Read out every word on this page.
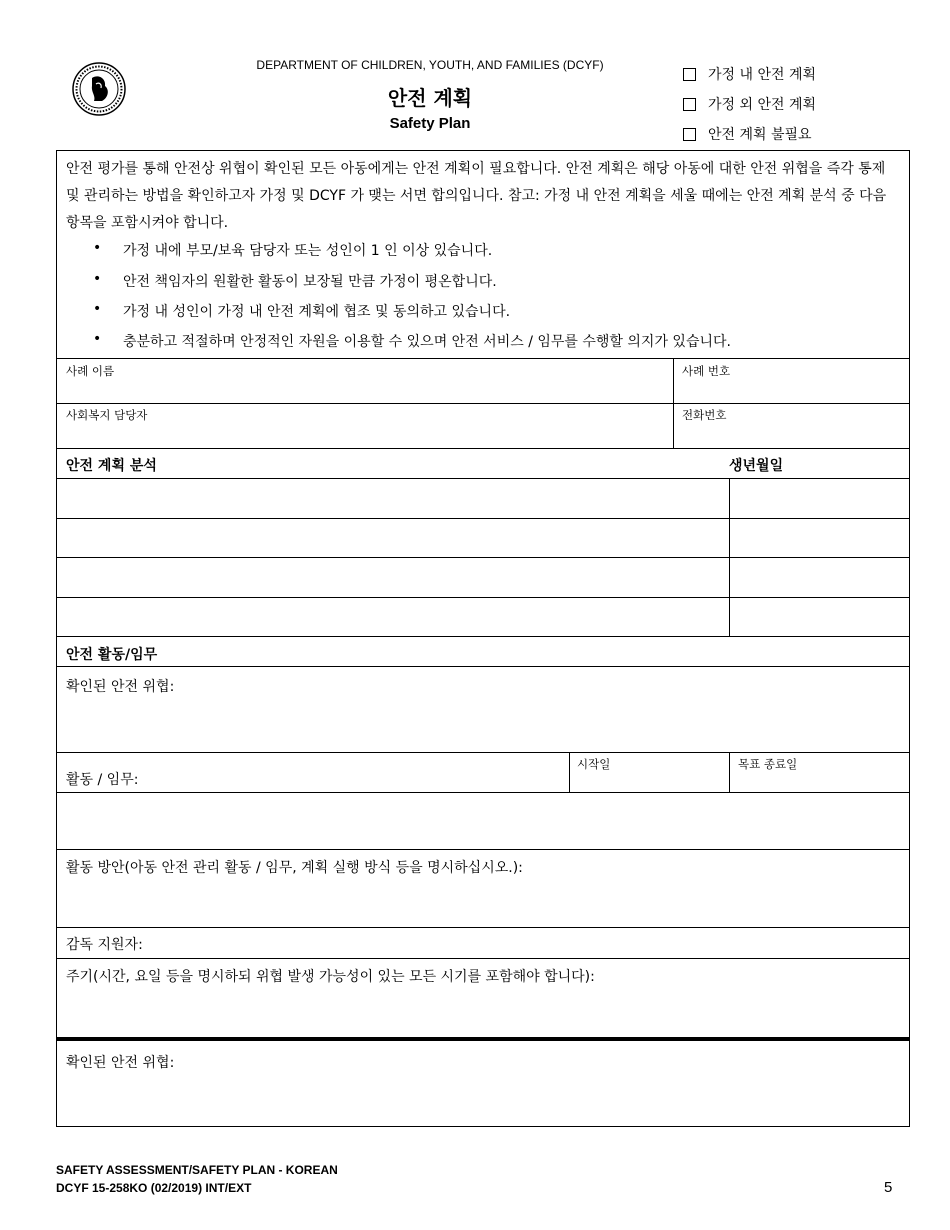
DEPARTMENT OF CHILDREN, YOUTH, AND FAMILIES (DCYF)
안전 계획
Safety Plan
가정 내 안전 계획
가정 외 안전 계획
안전 계획 불필요
안전 평가를 통해 안전상 위협이 확인된 모든 아동에게는 안전 계획이 필요합니다. 안전 계획은 해당 아동에 대한 안전 위협을 즉각 통제 및 관리하는 방법을 확인하고자 가정 및 DCYF 가 맺는 서면 합의입니다. 참고: 가정 내 안전 계획을 세울 때에는 안전 계획 분석 중 다음 항목을 포함시켜야 합니다.
•	가정 내에 부모/보육 담당자 또는 성인이 1 인 이상 있습니다.
•	안전 책임자의 원활한 활동이 보장될 만큼 가정이 평온합니다.
•	가정 내 성인이 가정 내 안전 계획에 협조 및 동의하고 있습니다.
•	충분하고 적절하며 안정적인 자원을 이용할 수 있으며 안전 서비스 / 임무를 수행할 의지가 있습니다.
사례 이름	사례 번호
사회복지 담당자	전화번호
안전 계획 분석	생년월일
안전 활동/임무
확인된 안전 위협:
활동 / 임무:
시작일	목표 종료일
활동 방안(아동 안전 관리 활동 / 임무, 계획 실행 방식 등을 명시하십시오.):
감독 지원자:
주기(시간, 요일 등을 명시하되 위협 발생 가능성이 있는 모든 시기를 포함해야 합니다):
확인된 안전 위협:
SAFETY ASSESSMENT/SAFETY PLAN - KOREAN
DCYF 15-258KO (02/2019) INT/EXT	5
